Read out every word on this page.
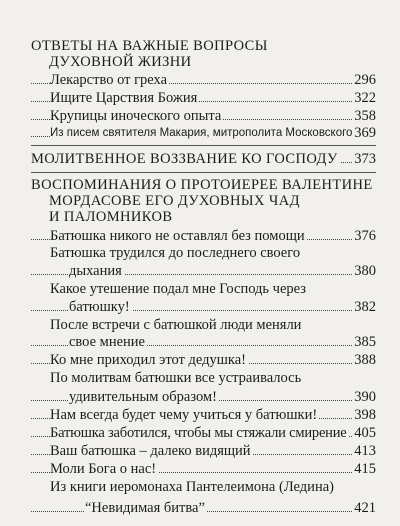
ОТВЕТЫ НА ВАЖНЫЕ ВОПРОСЫ
ДУХОВНОЙ ЖИЗНИ
Лекарство от греха	296
Ищите Царствия Божия	322
Крупицы иноческого опыта	358
Из писем святителя Макария, митрополита Московского 369
МОЛИТВЕННОЕ ВОЗЗВАНИЕ КО ГОСПОДУ 373
ВОСПОМИНАНИЯ О ПРОТОИЕРЕЕ ВАЛЕНТИНЕ
МОРДАСОВЕ ЕГО ДУХОВНЫХ ЧАД
И ПАЛОМНИКОВ
Батюшка никого не оставлял без помощи	376
Батюшка трудился до последнего своего
дыхания	380
Какое утешение подал мне Господь через
батюшку!	382
После встречи с батюшкой люди меняли
свое мнение	385
Ко мне приходил этот дедушка!	388
По молитвам батюшки все устраивалось
удивительным образом!	390
Нам всегда будет чему учиться у батюшки!	398
Батюшка заботился, чтобы мы стяжали смирение 405
Ваш батюшка – далеко видящий	413
Моли Бога о нас!	415
Из книги иеромонаха Пантелеимона (Ледина)
“Невидимая битва”	421
